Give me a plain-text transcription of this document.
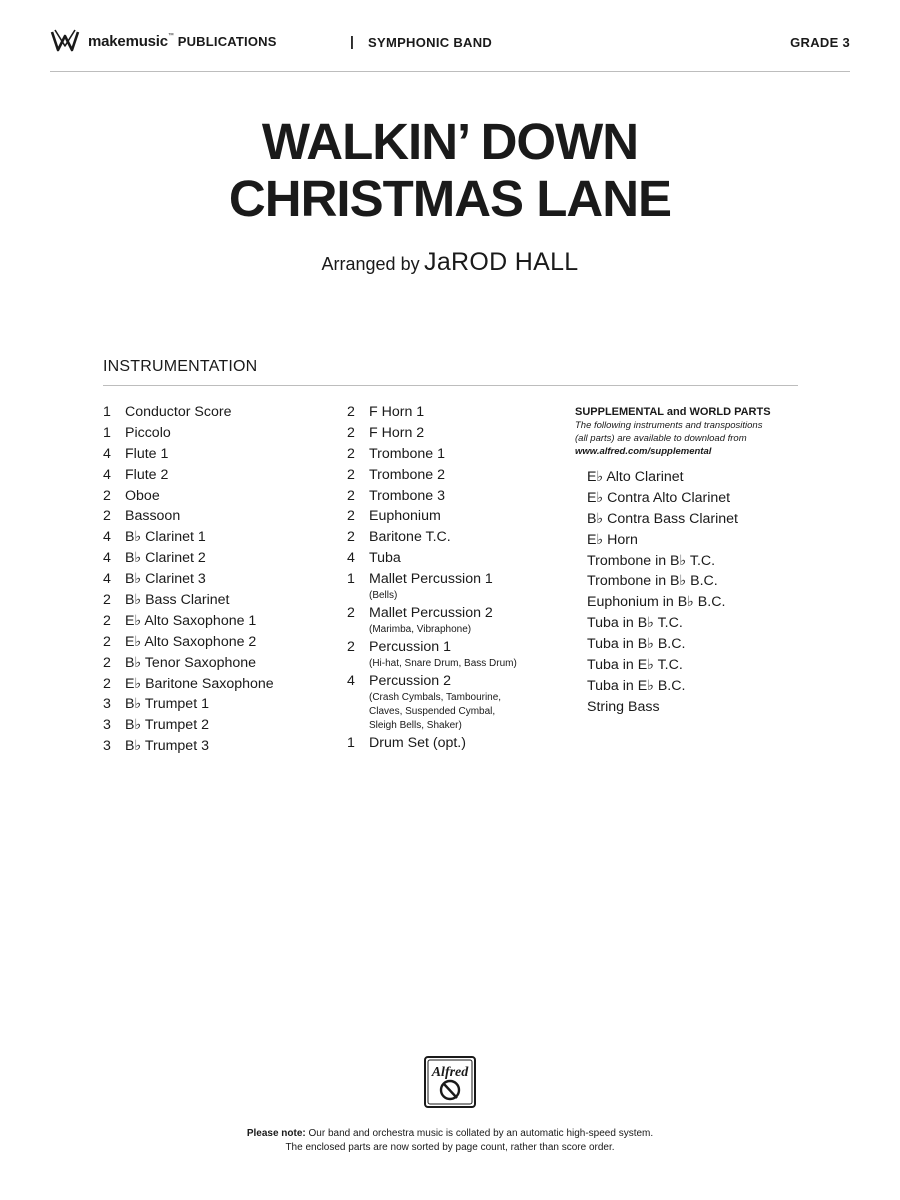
makemusic™ PUBLICATIONS	| SYMPHONIC BAND	GRADE 3
WALKIN’ DOWN
CHRISTMAS LANE
Arranged by JaROD HALL
INSTRUMENTATION
1 Conductor Score
1 Piccolo
4 Flute 1
4 Flute 2
2 Oboe
2 Bassoon
4 B♭ Clarinet 1
4 B♭ Clarinet 2
4 B♭ Clarinet 3
2 B♭ Bass Clarinet
2 E♭ Alto Saxophone 1
2 E♭ Alto Saxophone 2
2 B♭ Tenor Saxophone
2 E♭ Baritone Saxophone
3 B♭ Trumpet 1
3 B♭ Trumpet 2
3 B♭ Trumpet 3
2 F Horn 1
2 F Horn 2
2 Trombone 1
2 Trombone 2
2 Trombone 3
2 Euphonium
2 Baritone T.C.
4 Tuba
1 Mallet Percussion 1
(Bells)
2 Mallet Percussion 2
(Marimba, Vibraphone)
2 Percussion 1
(Hi-hat, Snare Drum, Bass Drum)
4 Percussion 2
(Crash Cymbals, Tambourine,
Claves, Suspended Cymbal,
Sleigh Bells, Shaker)
1 Drum Set (opt.)
SUPPLEMENTAL and WORLD PARTS
The following instruments and transpositions
(all parts) are available to download from
www.alfred.com/supplemental
E♭ Alto Clarinet
E♭ Contra Alto Clarinet
B♭ Contra Bass Clarinet
E♭ Horn
Trombone in B♭ T.C.
Trombone in B♭ B.C.
Euphonium in B♭ B.C.
Tuba in B♭ T.C.
Tuba in B♭ B.C.
Tuba in E♭ T.C.
Tuba in E♭ B.C.
String Bass
Alfred
Please note: Our band and orchestra music is collated by an automatic high-speed system.
The enclosed parts are now sorted by page count, rather than score order.
